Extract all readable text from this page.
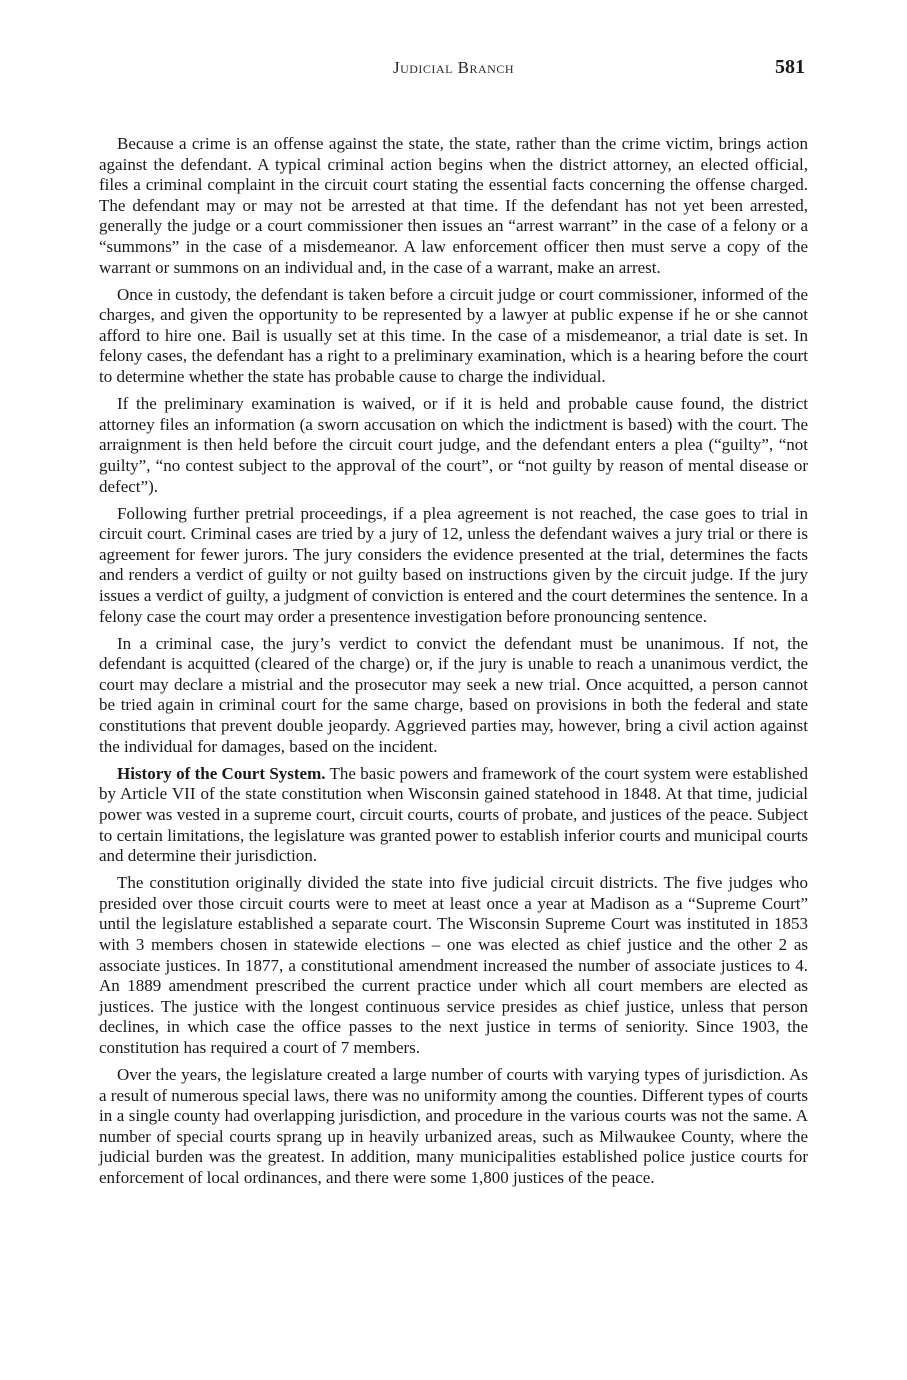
Judicial Branch	581

Because a crime is an offense against the state, the state, rather than the crime victim, brings action against the defendant. A typical criminal action begins when the district attorney, an elected official, files a criminal complaint in the circuit court stating the essential facts concerning the offense charged. The defendant may or may not be arrested at that time. If the defendant has not yet been arrested, generally the judge or a court commissioner then issues an “arrest warrant” in the case of a felony or a “summons” in the case of a misdemeanor. A law enforcement officer then must serve a copy of the warrant or summons on an individual and, in the case of a warrant, make an arrest.

Once in custody, the defendant is taken before a circuit judge or court commissioner, informed of the charges, and given the opportunity to be represented by a lawyer at public expense if he or she cannot afford to hire one. Bail is usually set at this time. In the case of a misdemeanor, a trial date is set. In felony cases, the defendant has a right to a preliminary examination, which is a hearing before the court to determine whether the state has probable cause to charge the individual.

If the preliminary examination is waived, or if it is held and probable cause found, the district attorney files an information (a sworn accusation on which the indictment is based) with the court. The arraignment is then held before the circuit court judge, and the defendant enters a plea (“guilty”, “not guilty”, “no contest subject to the approval of the court”, or “not guilty by reason of mental disease or defect”).

Following further pretrial proceedings, if a plea agreement is not reached, the case goes to trial in circuit court. Criminal cases are tried by a jury of 12, unless the defendant waives a jury trial or there is agreement for fewer jurors. The jury considers the evidence presented at the trial, determines the facts and renders a verdict of guilty or not guilty based on instructions given by the circuit judge. If the jury issues a verdict of guilty, a judgment of conviction is entered and the court determines the sentence. In a felony case the court may order a presentence investigation before pronouncing sentence.

In a criminal case, the jury’s verdict to convict the defendant must be unanimous. If not, the defendant is acquitted (cleared of the charge) or, if the jury is unable to reach a unanimous verdict, the court may declare a mistrial and the prosecutor may seek a new trial. Once acquitted, a person cannot be tried again in criminal court for the same charge, based on provisions in both the federal and state constitutions that prevent double jeopardy. Aggrieved parties may, however, bring a civil action against the individual for damages, based on the incident.

History of the Court System. The basic powers and framework of the court system were established by Article VII of the state constitution when Wisconsin gained statehood in 1848. At that time, judicial power was vested in a supreme court, circuit courts, courts of probate, and justices of the peace. Subject to certain limitations, the legislature was granted power to establish inferior courts and municipal courts and determine their jurisdiction.

The constitution originally divided the state into five judicial circuit districts. The five judges who presided over those circuit courts were to meet at least once a year at Madison as a “Supreme Court” until the legislature established a separate court. The Wisconsin Supreme Court was instituted in 1853 with 3 members chosen in statewide elections – one was elected as chief justice and the other 2 as associate justices. In 1877, a constitutional amendment increased the number of associate justices to 4. An 1889 amendment prescribed the current practice under which all court members are elected as justices. The justice with the longest continuous service presides as chief justice, unless that person declines, in which case the office passes to the next justice in terms of seniority. Since 1903, the constitution has required a court of 7 members.

Over the years, the legislature created a large number of courts with varying types of jurisdiction. As a result of numerous special laws, there was no uniformity among the counties. Different types of courts in a single county had overlapping jurisdiction, and procedure in the various courts was not the same. A number of special courts sprang up in heavily urbanized areas, such as Milwaukee County, where the judicial burden was the greatest. In addition, many municipalities established police justice courts for enforcement of local ordinances, and there were some 1,800 justices of the peace.
